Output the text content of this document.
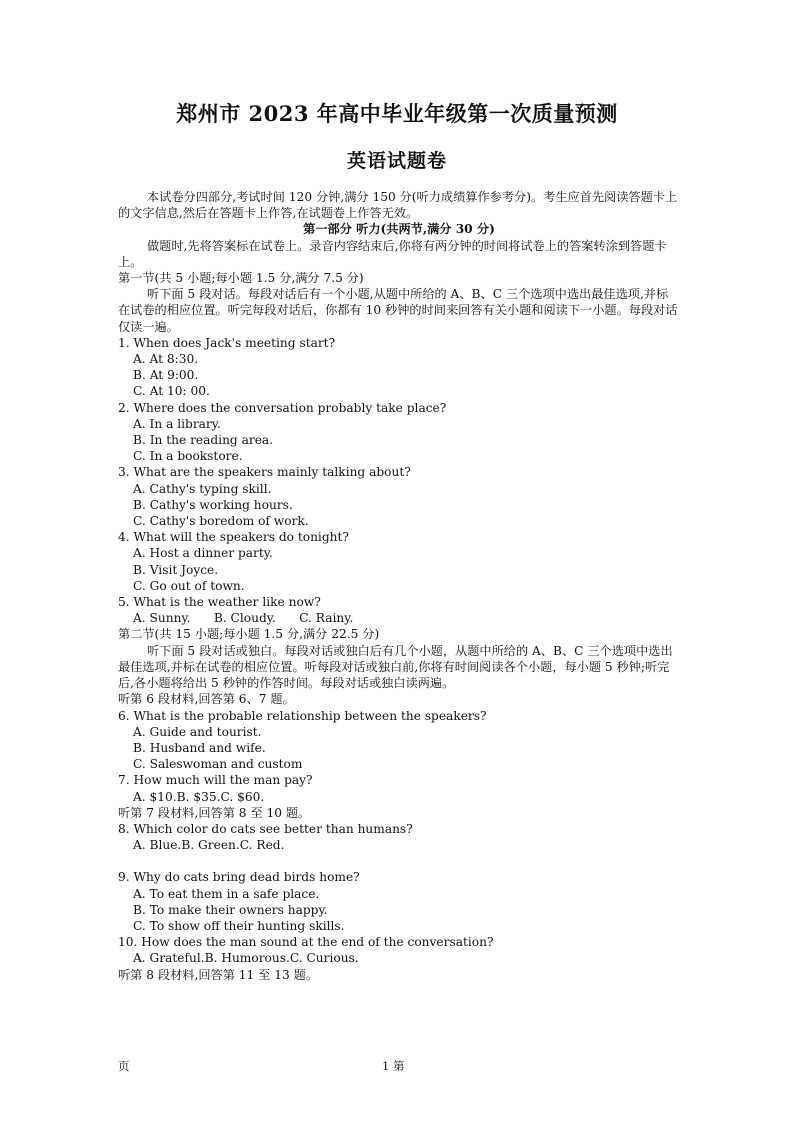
郑州市 2023 年高中毕业年级第一次质量预测
英语试题卷

本试卷分四部分,考试时间 120 分钟,满分 150 分(听力成绩算作参考分)。考生应首先阅读答题卡上的文字信息,然后在答题卡上作答,在试题卷上作答无效。

第一部分 听力(共两节,满分 30 分)

做题时,先将答案标在试卷上。录音内容结束后,你将有两分钟的时间将试卷上的答案转涂到答题卡上。

第一节(共 5 小题;每小题 1.5 分,满分 7.5 分)

听下面 5 段对话。每段对话后有一个小题,从题中所给的 A、B、C 三个选项中选出最佳选项,并标在试卷的相应位置。听完每段对话后，你都有 10 秒钟的时间来回答有关小题和阅读下一小题。每段对话仅读一遍。

1. When does Jack's meeting start?

A. At 8:30.

B. At 9:00.

C. At 10: 00.

2. Where does the conversation probably take place?

A. In a library.

B. In the reading area.

C. In a bookstore.

3. What are the speakers mainly talking about?

A. Cathy's typing skill.

B. Cathy's working hours.

C. Cathy's boredom of work.

4. What will the speakers do tonight?

A. Host a dinner party.

B. Visit Joyce.

C. Go out of town.

5. What is the weather like now?

A. Sunny.      B. Cloudy.      C. Rainy.

第二节(共 15 小题;每小题 1.5 分,满分 22.5 分)

听下面 5 段对话或独白。每段对话或独白后有几个小题，从题中所给的 A、B、C 三个选项中选出最佳选项,并标在试卷的相应位置。听每段对话或独白前,你将有时间阅读各个小题，每小题 5 秒钟;听完后,各小题将给出 5 秒钟的作答时间。每段对话或独白读两遍。

听第 6 段材料,回答第 6、7 题。

6. What is the probable relationship between the speakers?

A. Guide and tourist.

B. Husband and wife.

C. Saleswoman and custom

7. How much will the man pay?

A. $10.B. $35.C. $60.

听第 7 段材料,回答第 8 至 10 题。

8. Which color do cats see better than humans?

A. Blue.B. Green.C. Red.

9. Why do cats bring dead birds home?

A. To eat them in a safe place.

B. To make their owners happy.

C. To show off their hunting skills.

10. How does the man sound at the end of the conversation?

A. Grateful.B. Humorous.C. Curious.

听第 8 段材料,回答第 11 至 13 题。

页	1 第
